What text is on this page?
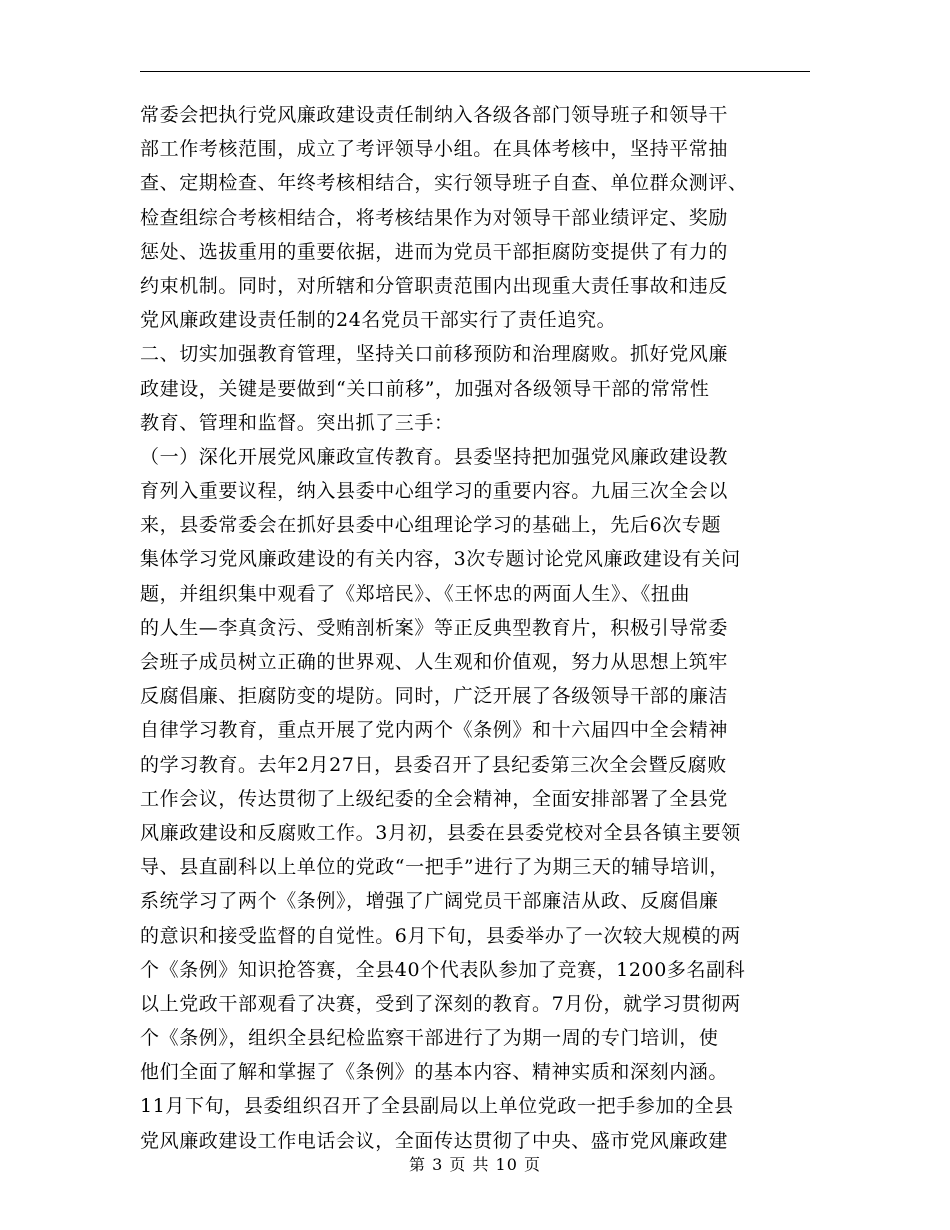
常委会把执行党风廉政建设责任制纳入各级各部门领导班子和领导干
部工作考核范围，成立了考评领导小组。在具体考核中，坚持平常抽
查、定期检查、年终考核相结合，实行领导班子自查、单位群众测评、
检查组综合考核相结合，将考核结果作为对领导干部业绩评定、奖励
惩处、选拔重用的重要依据，进而为党员干部拒腐防变提供了有力的
约束机制。同时，对所辖和分管职责范围内出现重大责任事故和违反
党风廉政建设责任制的24名党员干部实行了责任追究。
二、切实加强教育管理，坚持关口前移预防和治理腐败。抓好党风廉
政建设，关键是要做到“关口前移”，加强对各级领导干部的常常性
教育、管理和监督。突出抓了三手：
（一）深化开展党风廉政宣传教育。县委坚持把加强党风廉政建设教
育列入重要议程，纳入县委中心组学习的重要内容。九届三次全会以
来，县委常委会在抓好县委中心组理论学习的基础上，先后6次专题
集体学习党风廉政建设的有关内容，3次专题讨论党风廉政建设有关问
题，并组织集中观看了《郑培民》、《王怀忠的两面人生》、《扭曲
的人生—李真贪污、受贿剖析案》等正反典型教育片，积极引导常委
会班子成员树立正确的世界观、人生观和价值观，努力从思想上筑牢
反腐倡廉、拒腐防变的堤防。同时，广泛开展了各级领导干部的廉洁
自律学习教育，重点开展了党内两个《条例》和十六届四中全会精神
的学习教育。去年2月27日，县委召开了县纪委第三次全会暨反腐败
工作会议，传达贯彻了上级纪委的全会精神，全面安排部署了全县党
风廉政建设和反腐败工作。3月初，县委在县委党校对全县各镇主要领
导、县直副科以上单位的党政“一把手”进行了为期三天的辅导培训，
系统学习了两个《条例》，增强了广阔党员干部廉洁从政、反腐倡廉
的意识和接受监督的自觉性。6月下旬，县委举办了一次较大规模的两
个《条例》知识抢答赛，全县40个代表队参加了竞赛，1200多名副科
以上党政干部观看了决赛，受到了深刻的教育。7月份，就学习贯彻两
个《条例》，组织全县纪检监察干部进行了为期一周的专门培训，使
他们全面了解和掌握了《条例》的基本内容、精神实质和深刻内涵。
11月下旬，县委组织召开了全县副局以上单位党政一把手参加的全县
党风廉政建设工作电话会议，全面传达贯彻了中央、盛市党风廉政建
第 3 页 共 10 页
